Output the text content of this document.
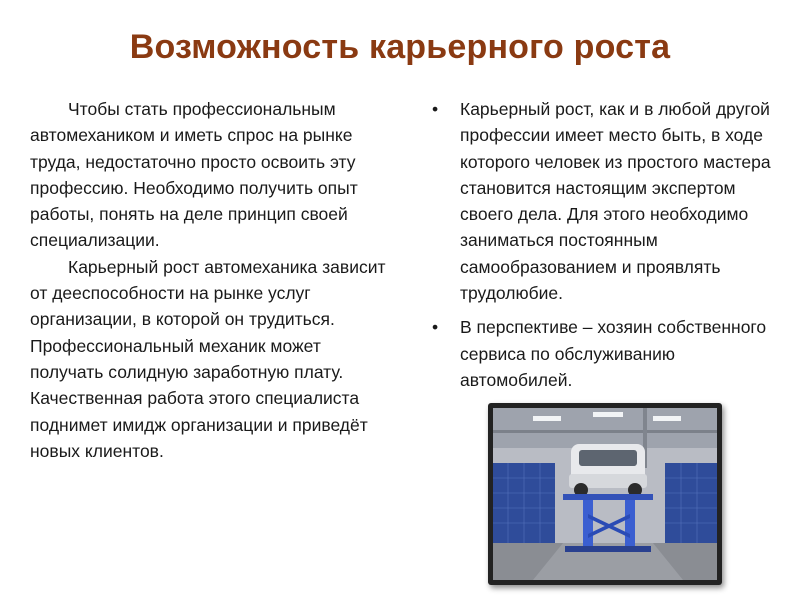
Возможность карьерного роста

Чтобы стать профессиональным автомехаником и иметь спрос на рынке труда, недостаточно просто освоить эту профессию. Необходимо получить опыт работы, понять на деле принцип своей специализации.

Карьерный рост автомеханика зависит от дееспособности на рынке услуг организации, в которой он трудиться. Профессиональный механик может получать солидную заработную плату. Качественная работа этого специалиста поднимет имидж организации и приведёт новых клиентов.

• Карьерный рост, как и в любой другой профессии имеет место быть, в ходе которого человек из простого мастера становится настоящим экспертом своего дела. Для этого необходимо заниматься постоянным самообразованием и проявлять трудолюбие.
• В перспективе – хозяин собственного сервиса по обслуживанию автомобилей.
